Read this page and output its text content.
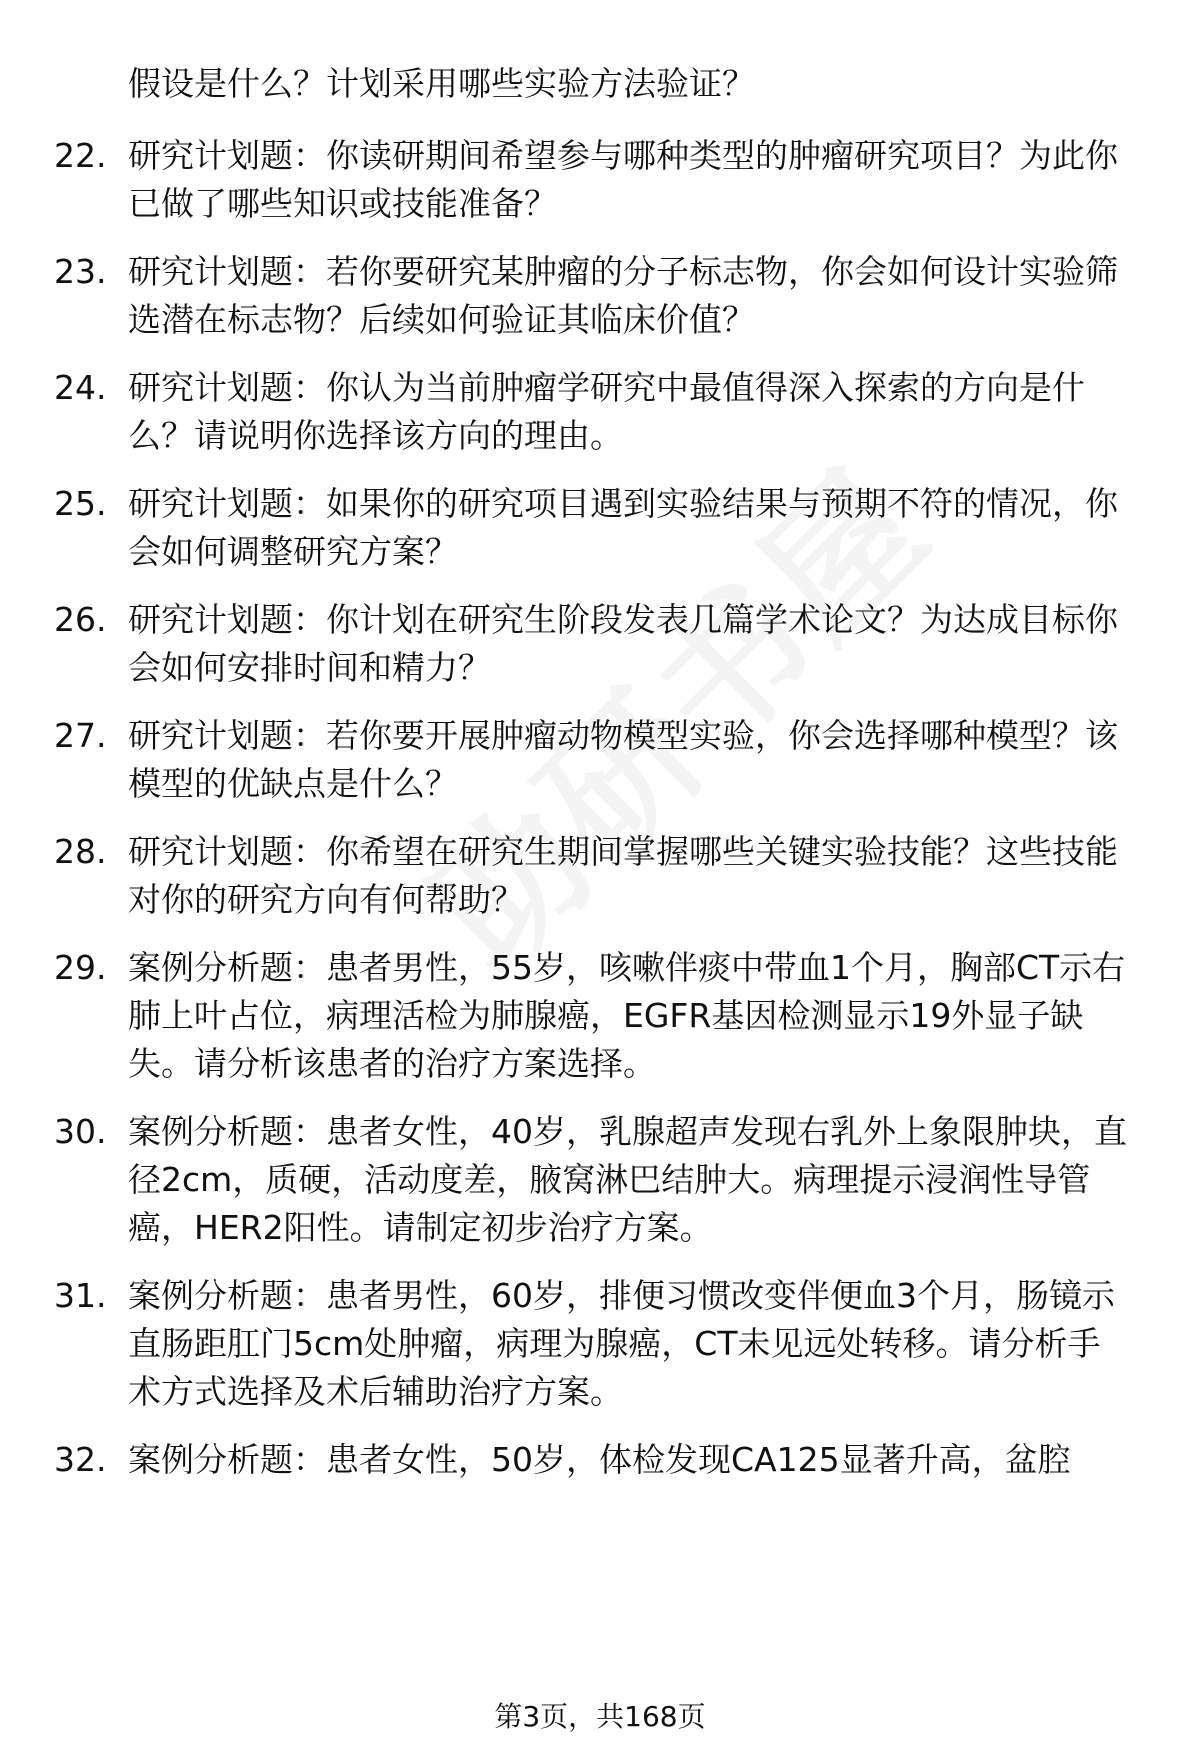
假设是什么？计划采用哪些实验方法验证？
22. 研究计划题：你读研期间希望参与哪种类型的肿瘤研究项目？为此你已做了哪些知识或技能准备？
23. 研究计划题：若你要研究某肿瘤的分子标志物，你会如何设计实验筛选潜在标志物？后续如何验证其临床价值？
24. 研究计划题：你认为当前肿瘤学研究中最值得深入探索的方向是什么？请说明你选择该方向的理由。
25. 研究计划题：如果你的研究项目遇到实验结果与预期不符的情况，你会如何调整研究方案？
26. 研究计划题：你计划在研究生阶段发表几篇学术论文？为达成目标你会如何安排时间和精力？
27. 研究计划题：若你要开展肿瘤动物模型实验，你会选择哪种模型？该模型的优缺点是什么？
28. 研究计划题：你希望在研究生期间掌握哪些关键实验技能？这些技能对你的研究方向有何帮助？
29. 案例分析题：患者男性，55岁，咳嗽伴痰中带血1个月，胸部CT示右肺上叶占位，病理活检为肺腺癌，EGFR基因检测显示19外显子缺失。请分析该患者的治疗方案选择。
30. 案例分析题：患者女性，40岁，乳腺超声发现右乳外上象限肿块，直径2cm，质硬，活动度差，腋窝淋巴结肿大。病理提示浸润性导管癌，HER2阳性。请制定初步治疗方案。
31. 案例分析题：患者男性，60岁，排便习惯改变伴便血3个月，肠镜示直肠距肛门5cm处肿瘤，病理为腺癌，CT未见远处转移。请分析手术方式选择及术后辅助治疗方案。
32. 案例分析题：患者女性，50岁，体检发现CA125显著升高，盆腔
第3页，共168页
